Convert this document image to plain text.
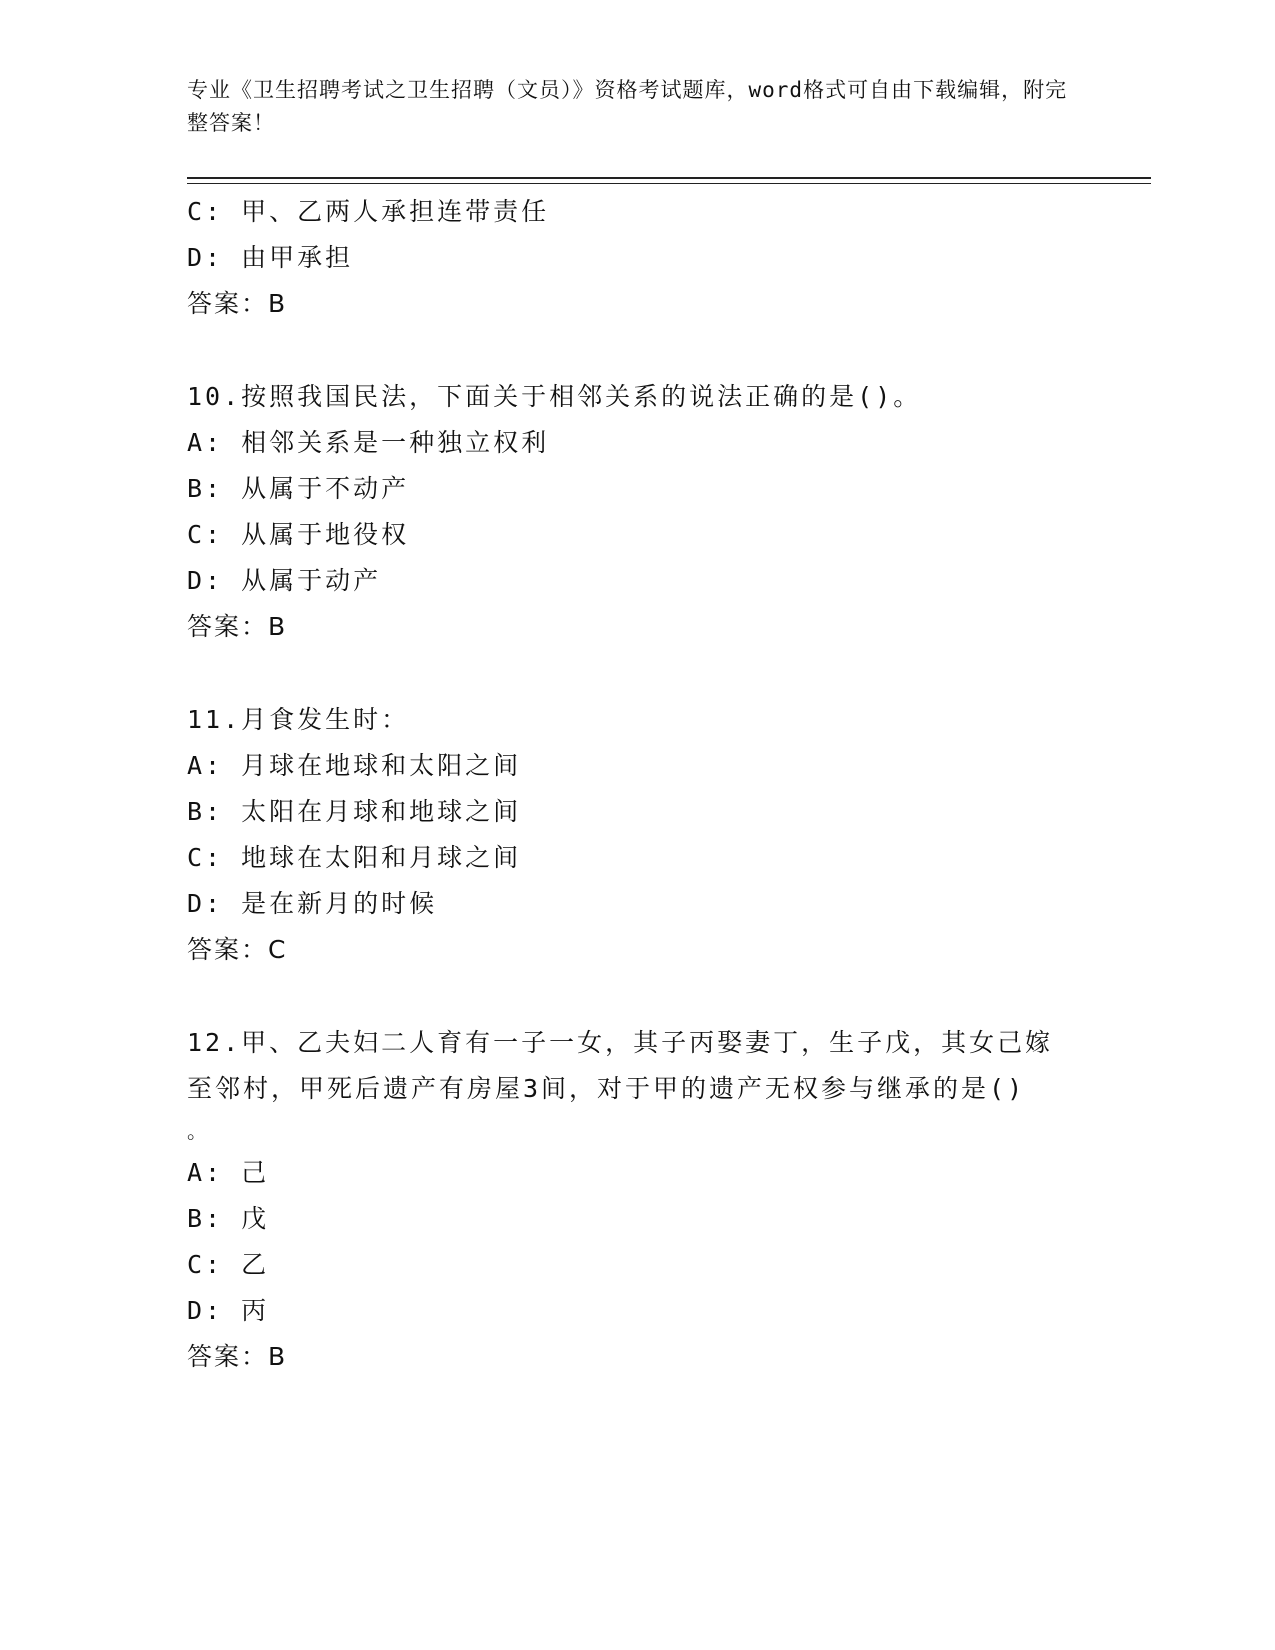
专业《卫生招聘考试之卫生招聘（文员）》资格考试题库，word格式可自由下载编辑，附完整答案！
C: 甲、乙两人承担连带责任
D: 由甲承担
答案：B
10.按照我国民法，下面关于相邻关系的说法正确的是()。
A: 相邻关系是一种独立权利
B: 从属于不动产
C: 从属于地役权
D: 从属于动产
答案：B
11.月食发生时：
A: 月球在地球和太阳之间
B: 太阳在月球和地球之间
C: 地球在太阳和月球之间
D: 是在新月的时候
答案：C
12.甲、乙夫妇二人育有一子一女，其子丙娶妻丁，生子戊，其女己嫁
至邻村，甲死后遗产有房屋3间，对于甲的遗产无权参与继承的是()
。
A: 己
B: 戊
C: 乙
D: 丙
答案：B
